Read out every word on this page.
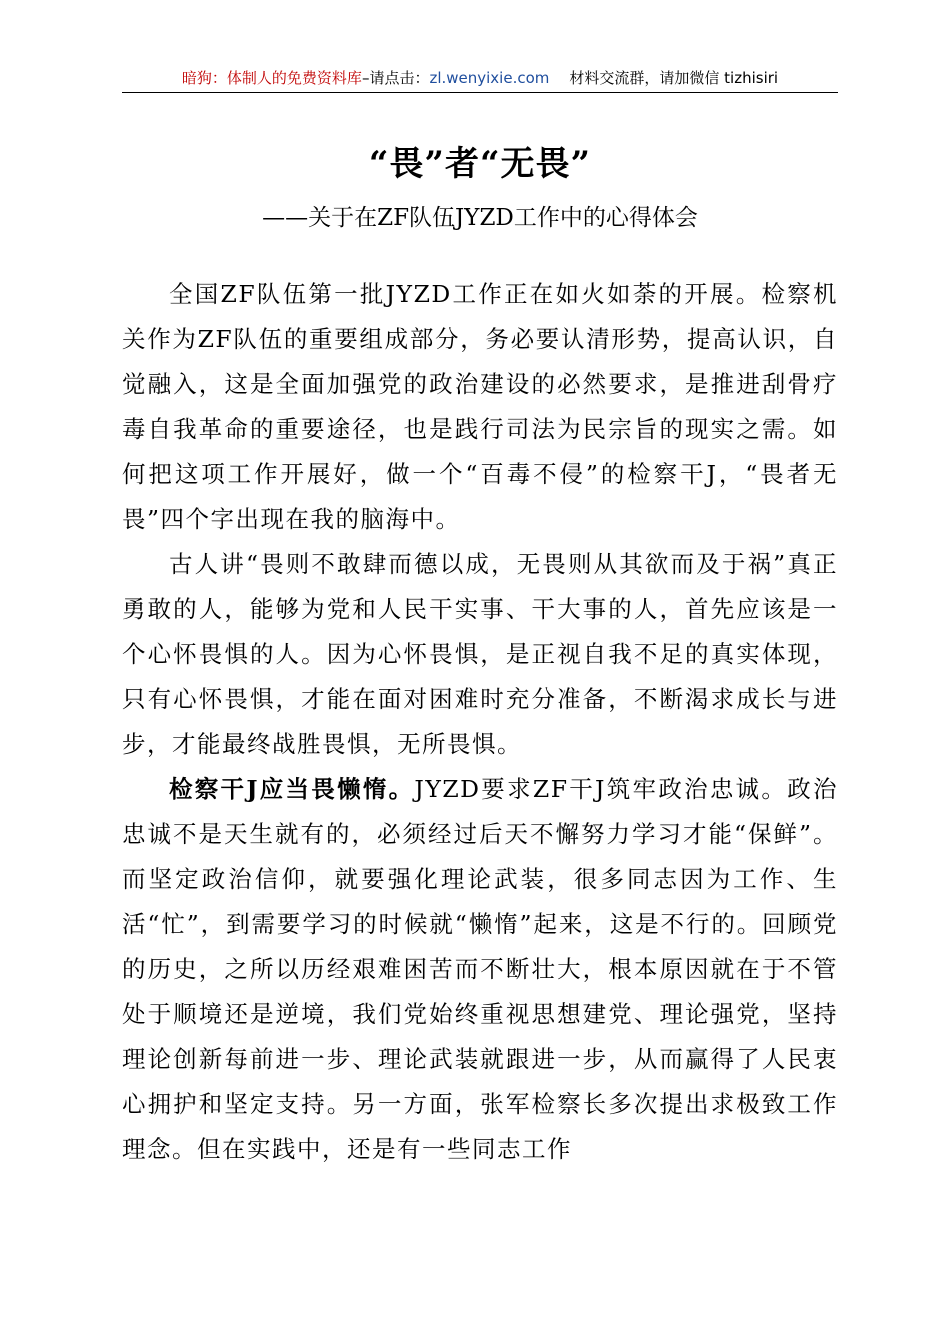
暗狗：体制人的免费资料库–请点击：zl.wenyixie.com 材料交流群，请加微信 tizhisiri
“畏”者“无畏”
——关于在ZF队伍JYZD工作中的心得体会

全国ZF队伍第一批JYZD工作正在如火如荼的开展。检察机关作为ZF队伍的重要组成部分，务必要认清形势，提高认识，自觉融入，这是全面加强党的政治建设的必然要求，是推进刮骨疗毒自我革命的重要途径，也是践行司法为民宗旨的现实之需。如何把这项工作开展好，做一个“百毒不侵”的检察干J，“畏者无畏”四个字出现在我的脑海中。

古人讲“畏则不敢肆而德以成，无畏则从其欲而及于祸”真正勇敢的人，能够为党和人民干实事、干大事的人，首先应该是一个心怀畏惧的人。因为心怀畏惧，是正视自我不足的真实体现，只有心怀畏惧，才能在面对困难时充分准备，不断渴求成长与进步，才能最终战胜畏惧，无所畏惧。

检察干J应当畏懒惰。JYZD要求ZF干J筑牢政治忠诚。政治忠诚不是天生就有的，必须经过后天不懈努力学习才能“保鲜”。而坚定政治信仰，就要强化理论武装，很多同志因为工作、生活“忙”，到需要学习的时候就“懒惰”起来，这是不行的。回顾党的历史，之所以历经艰难困苦而不断壮大，根本原因就在于不管处于顺境还是逆境，我们党始终重视思想建党、理论强党，坚持理论创新每前进一步、理论武装就跟进一步，从而赢得了人民衷心拥护和坚定支持。另一方面，张军检察长多次提出求极致工作理念。但在实践中，还是有一些同志工作
